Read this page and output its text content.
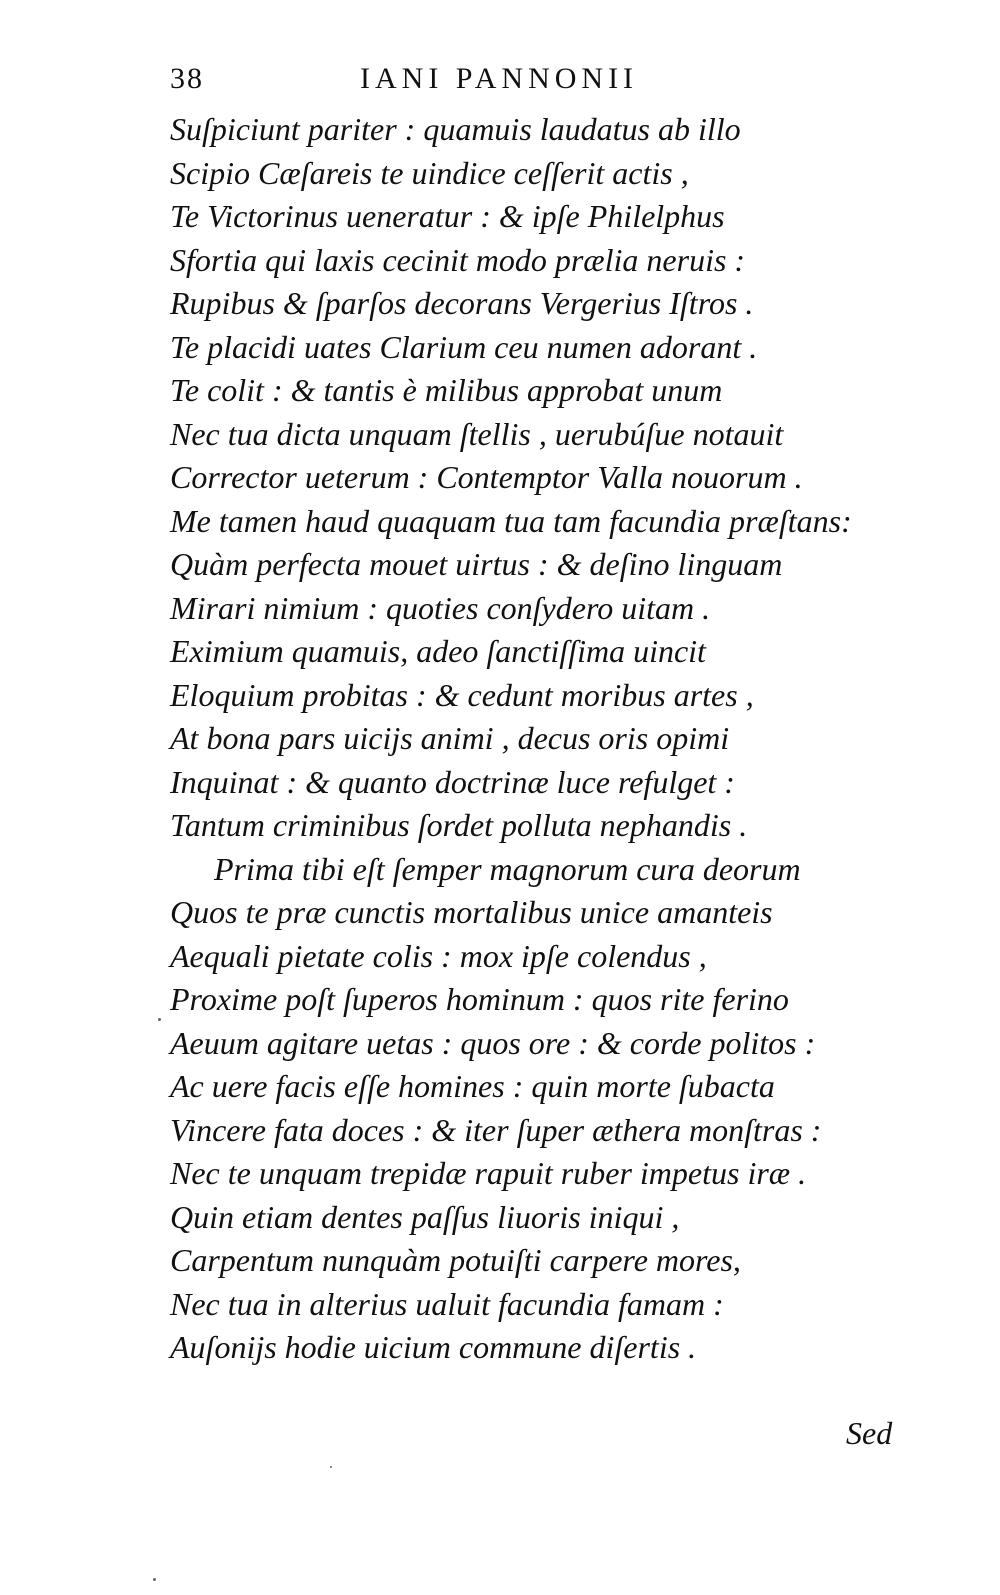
38	IANI PANNONII
Suſpiciunt pariter : quamuis laudatus ab illo
Scipio Cæſareis te uindice ceſſerit actis ,
Te Victorinus ueneratur : & ipſe Philelphus
Sfortia qui laxis cecinit modo prælia neruis :
Rupibus & ſparſos decorans Vergerius Iſtros .
Te placidi uates Clarium ceu numen adorant .
Te colit : & tantis è milibus approbat unum
Nec tua dicta unquam ſtellis , uerubúſue notauit
Corrector ueterum : Contemptor Valla nouorum .
Me tamen haud quaquam tua tam facundia præſtans:
Quàm perfecta mouet uirtus : & deſino linguam
Mirari nimium : quoties conſydero uitam .
Eximium quamuis, adeo ſanctiſſima uincit
Eloquium probitas : & cedunt moribus artes ,
At bona pars uicijs animi , decus oris opimi
Inquinat : & quanto doctrinæ luce refulget :
Tantum criminibus ſordet polluta nephandis .
Prima tibi eſt ſemper magnorum cura deorum
Quos te præ cunctis mortalibus unice amanteis
Aequali pietate colis : mox ipſe colendus ,
Proxime poſt ſuperos hominum : quos rite ferino
Aeuum agitare uetas : quos ore : & corde politos :
Ac uere facis eſſe homines : quin morte ſubacta
Vincere fata doces : & iter ſuper æthera monſtras :
Nec te unquam trepidæ rapuit ruber impetus iræ .
Quin etiam dentes paſſus liuoris iniqui ,
Carpentum nunquàm potuiſti carpere mores,
Nec tua in alterius ualuit facundia famam :
Auſonijs hodie uicium commune diſertis .
Sed
